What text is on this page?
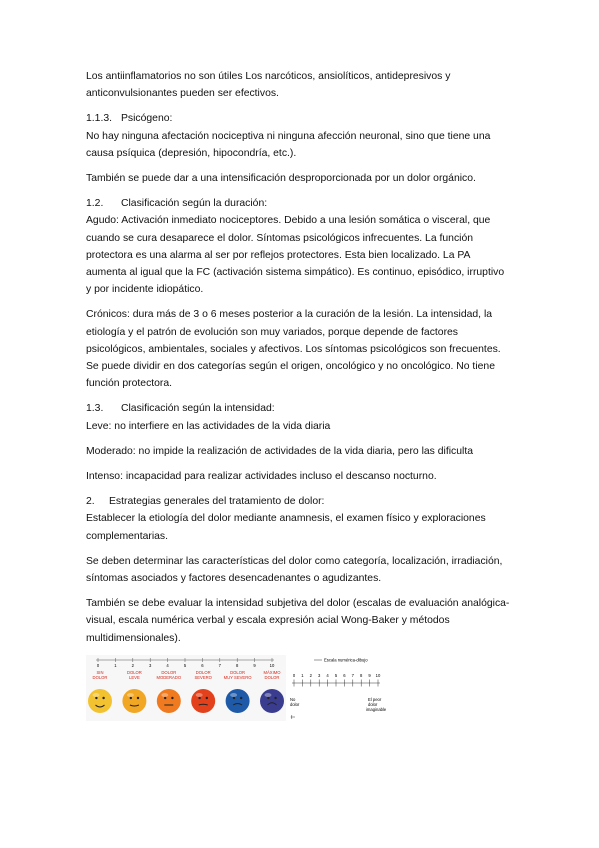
Los antiinflamatorios no son útiles Los narcóticos, ansiolíticos, antidepresivos y anticonvulsionantes pueden ser efectivos.

1.1.3. Psicógeno:

No hay ninguna afectación nociceptiva ni ninguna afección neuronal, sino que tiene una causa psíquica (depresión, hipocondría, etc.).

También se puede dar a una intensificación desproporcionada por un dolor orgánico.

1.2.	Clasificación según la duración:

Agudo: Activación inmediato nociceptores. Debido a una lesión somática o visceral, que cuando se cura desaparece el dolor. Síntomas psicológicos infrecuentes. La función protectora es una alarma al ser por reflejos protectores. Esta bien localizado. La PA aumenta al igual que la FC (activación sistema simpático). Es continuo, episódico, irruptivo y por incidente idiopático.

Crónicos: dura más de 3 o 6 meses posterior a la curación de la lesión. La intensidad, la etiología y el patrón de evolución son muy variados, porque depende de factores psicológicos, ambientales, sociales y afectivos. Los síntomas psicológicos son frecuentes. Se puede dividir en dos categorías según el origen, oncológico y no oncológico. No tiene función protectora.

1.3.	Clasificación según la intensidad:

Leve: no interfiere en las actividades de la vida diaria

Moderado: no impide la realización de actividades de la vida diaria, pero las dificulta

Intenso: incapacidad para realizar actividades incluso el descanso nocturno.

2.	Estrategias generales del tratamiento de dolor:

Establecer la etiología del dolor mediante anamnesis, el examen físico y exploraciones complementarias.

Se deben determinar las características del dolor como categoría, localización, irradiación, síntomas asociados y factores desencadenantes o agudizantes.

También se debe evaluar la intensidad subjetiva del dolor (escalas de evaluación analógica-visual, escala numérica verbal y escala expresión acial Wong-Baker y métodos multidimensionales).

0	1	2	3	4	5	6	7	8	9	10
SIN
DOLOR
DOLOR
LEVE
DOLOR
MODERADO
DOLOR
SEVERO
DOLOR
MUY SEVERO
MÁXIMO
DOLOR
Escala numérica-dibujo
0 1 2 3 4 5 6 7 8 9 10
No
dolor
El peor
dolor
imaginable
